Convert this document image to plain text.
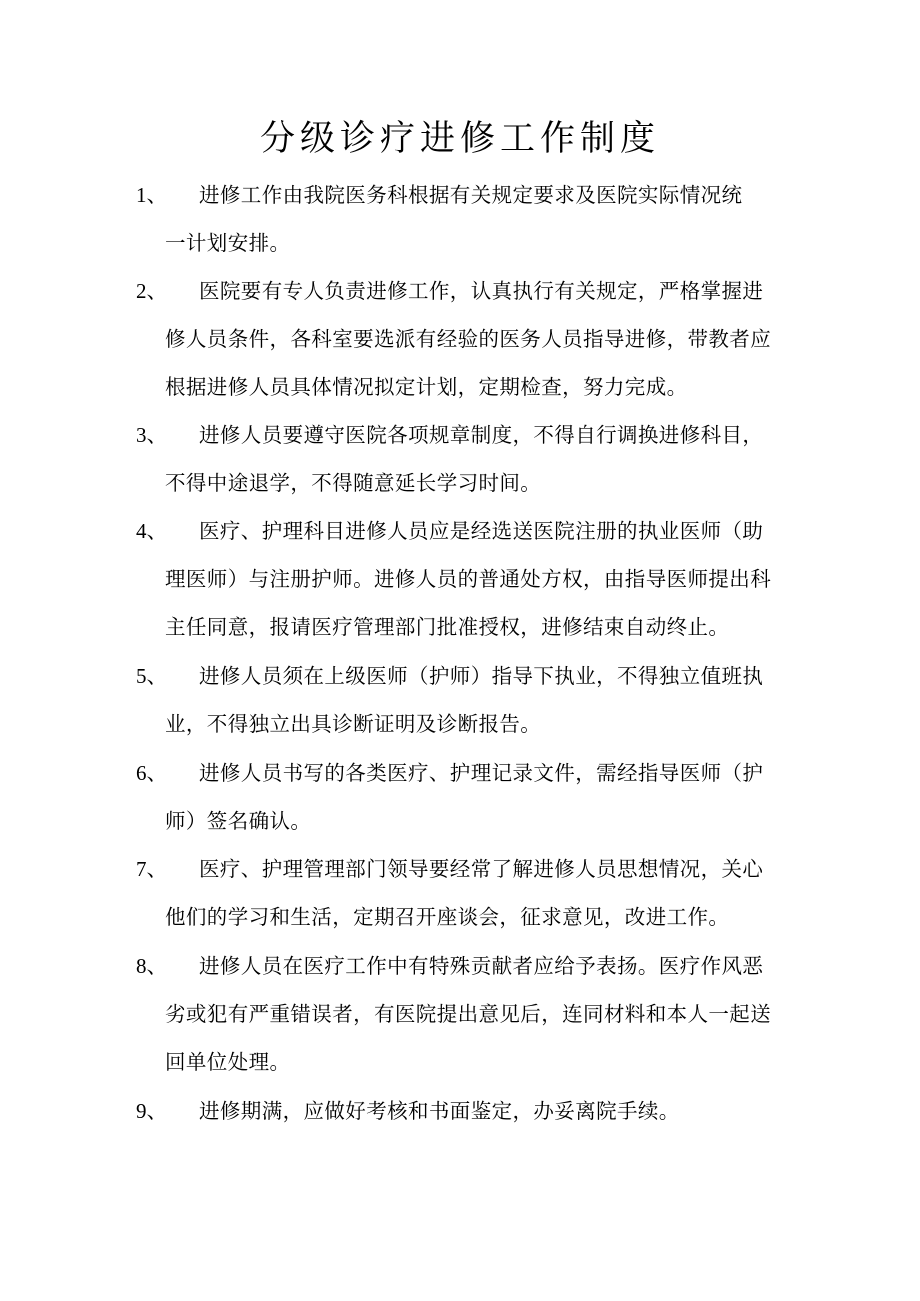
分级诊疗进修工作制度
1、 进修工作由我院医务科根据有关规定要求及医院实际情况统
一计划安排。
2、 医院要有专人负责进修工作，认真执行有关规定，严格掌握进
修人员条件，各科室要选派有经验的医务人员指导进修，带教者应
根据进修人员具体情况拟定计划，定期检查，努力完成。
3、 进修人员要遵守医院各项规章制度，不得自行调换进修科目，
不得中途退学，不得随意延长学习时间。
4、 医疗、护理科目进修人员应是经选送医院注册的执业医师（助
理医师）与注册护师。进修人员的普通处方权，由指导医师提出科
主任同意，报请医疗管理部门批准授权，进修结束自动终止。
5、 进修人员须在上级医师（护师）指导下执业，不得独立值班执
业，不得独立出具诊断证明及诊断报告。
6、 进修人员书写的各类医疗、护理记录文件，需经指导医师（护
师）签名确认。
7、 医疗、护理管理部门领导要经常了解进修人员思想情况，关心
他们的学习和生活，定期召开座谈会，征求意见，改进工作。
8、 进修人员在医疗工作中有特殊贡献者应给予表扬。医疗作风恶
劣或犯有严重错误者，有医院提出意见后，连同材料和本人一起送
回单位处理。
9、 进修期满，应做好考核和书面鉴定，办妥离院手续。
